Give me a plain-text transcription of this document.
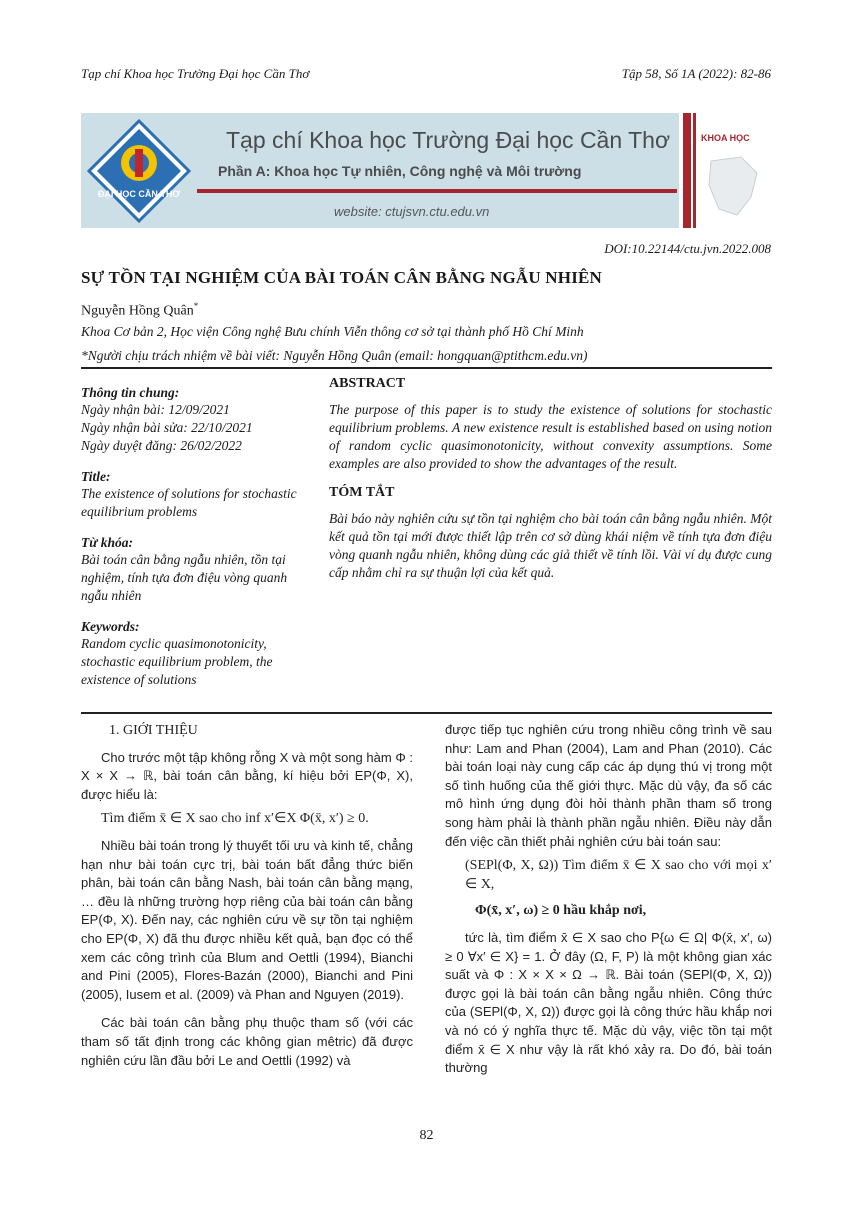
Tạp chí Khoa học Trường Đại học Cần Thơ	Tập 58, Số 1A (2022): 82-86
ĐẠI HỌC CẦN THƠ
Tạp chí Khoa học Trường Đại học Cần Thơ
Phần A: Khoa học Tự nhiên, Công nghệ và Môi trường
website: ctujsvn.ctu.edu.vn
KHOA HỌC
DOI:10.22144/ctu.jvn.2022.008
SỰ TỒN TẠI NGHIỆM CỦA BÀI TOÁN CÂN BẰNG NGẪU NHIÊN
Nguyễn Hồng Quân*
Khoa Cơ bản 2, Học viện Công nghệ Bưu chính Viễn thông cơ sở tại thành phố Hồ Chí Minh
*Người chịu trách nhiệm về bài viết: Nguyễn Hồng Quân (email: hongquan@ptithcm.edu.vn)
Thông tin chung:
Ngày nhận bài: 12/09/2021
Ngày nhận bài sửa: 22/10/2021
Ngày duyệt đăng: 26/02/2022
Title:
The existence of solutions for stochastic equilibrium problems
Từ khóa:
Bài toán cân bằng ngẫu nhiên, tồn tại nghiệm, tính tựa đơn điệu vòng quanh ngẫu nhiên
Keywords:
Random cyclic quasimonotonicity, stochastic equilibrium problem, the existence of solutions
ABSTRACT

The purpose of this paper is to study the existence of solutions for stochastic equilibrium problems. A new existence result is established based on using notion of random cyclic quasimonotonicity, without convexity assumptions. Some examples are also provided to show the advantages of the result.

TÓM TẮT

Bài báo này nghiên cứu sự tồn tại nghiệm cho bài toán cân bằng ngẫu nhiên. Một kết quả tồn tại mới được thiết lập trên cơ sở dùng khái niệm về tính tựa đơn điệu vòng quanh ngẫu nhiên, không dùng các giả thiết về tính lồi. Vài ví dụ được cung cấp nhằm chỉ ra sự thuận lợi của kết quả.

1. GIỚI THIỆU

Cho trước một tập không rỗng X và một song hàm Φ : X × X → ℝ, bài toán cân bằng, kí hiệu bởi EP(Φ, X), được hiểu là:

Tìm điểm x̄ ∈ X sao cho inf x′∈X Φ(x̄, x′) ≥ 0.

Nhiều bài toán trong lý thuyết tối ưu và kinh tế, chẳng hạn như bài toán cực trị, bài toán bất đẳng thức biến phân, bài toán cân bằng Nash, bài toán cân bằng mạng, … đều là những trường hợp riêng của bài toán cân bằng EP(Φ, X). Đến nay, các nghiên cứu về sự tồn tại nghiệm cho EP(Φ, X) đã thu được nhiều kết quả, bạn đọc có thể xem các công trình của Blum and Oettli (1994), Bianchi and Pini (2005), Flores-Bazán (2000), Bianchi and Pini (2005), Iusem et al. (2009) và Phan and Nguyen (2019).

Các bài toán cân bằng phụ thuộc tham số (với các tham số tất định trong các không gian mêtric) đã được nghiên cứu lần đầu bởi Le and Oettli (1992) và

được tiếp tục nghiên cứu trong nhiều công trình về sau như: Lam and Phan (2004), Lam and Phan (2010). Các bài toán loại này cung cấp các áp dụng thú vị trong một số tình huống của thế giới thực. Mặc dù vậy, đa số các mô hình ứng dụng đòi hỏi thành phần tham số trong song hàm phải là thành phần ngẫu nhiên. Điều này dẫn đến việc cần thiết phải nghiên cứu bài toán sau:

(SEPl(Φ, X, Ω)) Tìm điểm x̄ ∈ X sao cho với mọi x′ ∈ X,
Φ(x̄, x′, ω) ≥ 0 hầu khắp nơi,

tức là, tìm điểm x̄ ∈ X sao cho P{ω ∈ Ω| Φ(x̄, x′, ω) ≥ 0 ∀x′ ∈ X} = 1. Ở đây (Ω, F, P) là một không gian xác suất và Φ : X × X × Ω → ℝ. Bài toán (SEPl(Φ, X, Ω)) được gọi là bài toán cân bằng ngẫu nhiên. Công thức của (SEPl(Φ, X, Ω)) được gọi là công thức hầu khắp nơi và nó có ý nghĩa thực tế. Mặc dù vậy, việc tồn tại một điểm x̄ ∈ X như vậy là rất khó xảy ra. Do đó, bài toán thường

82
